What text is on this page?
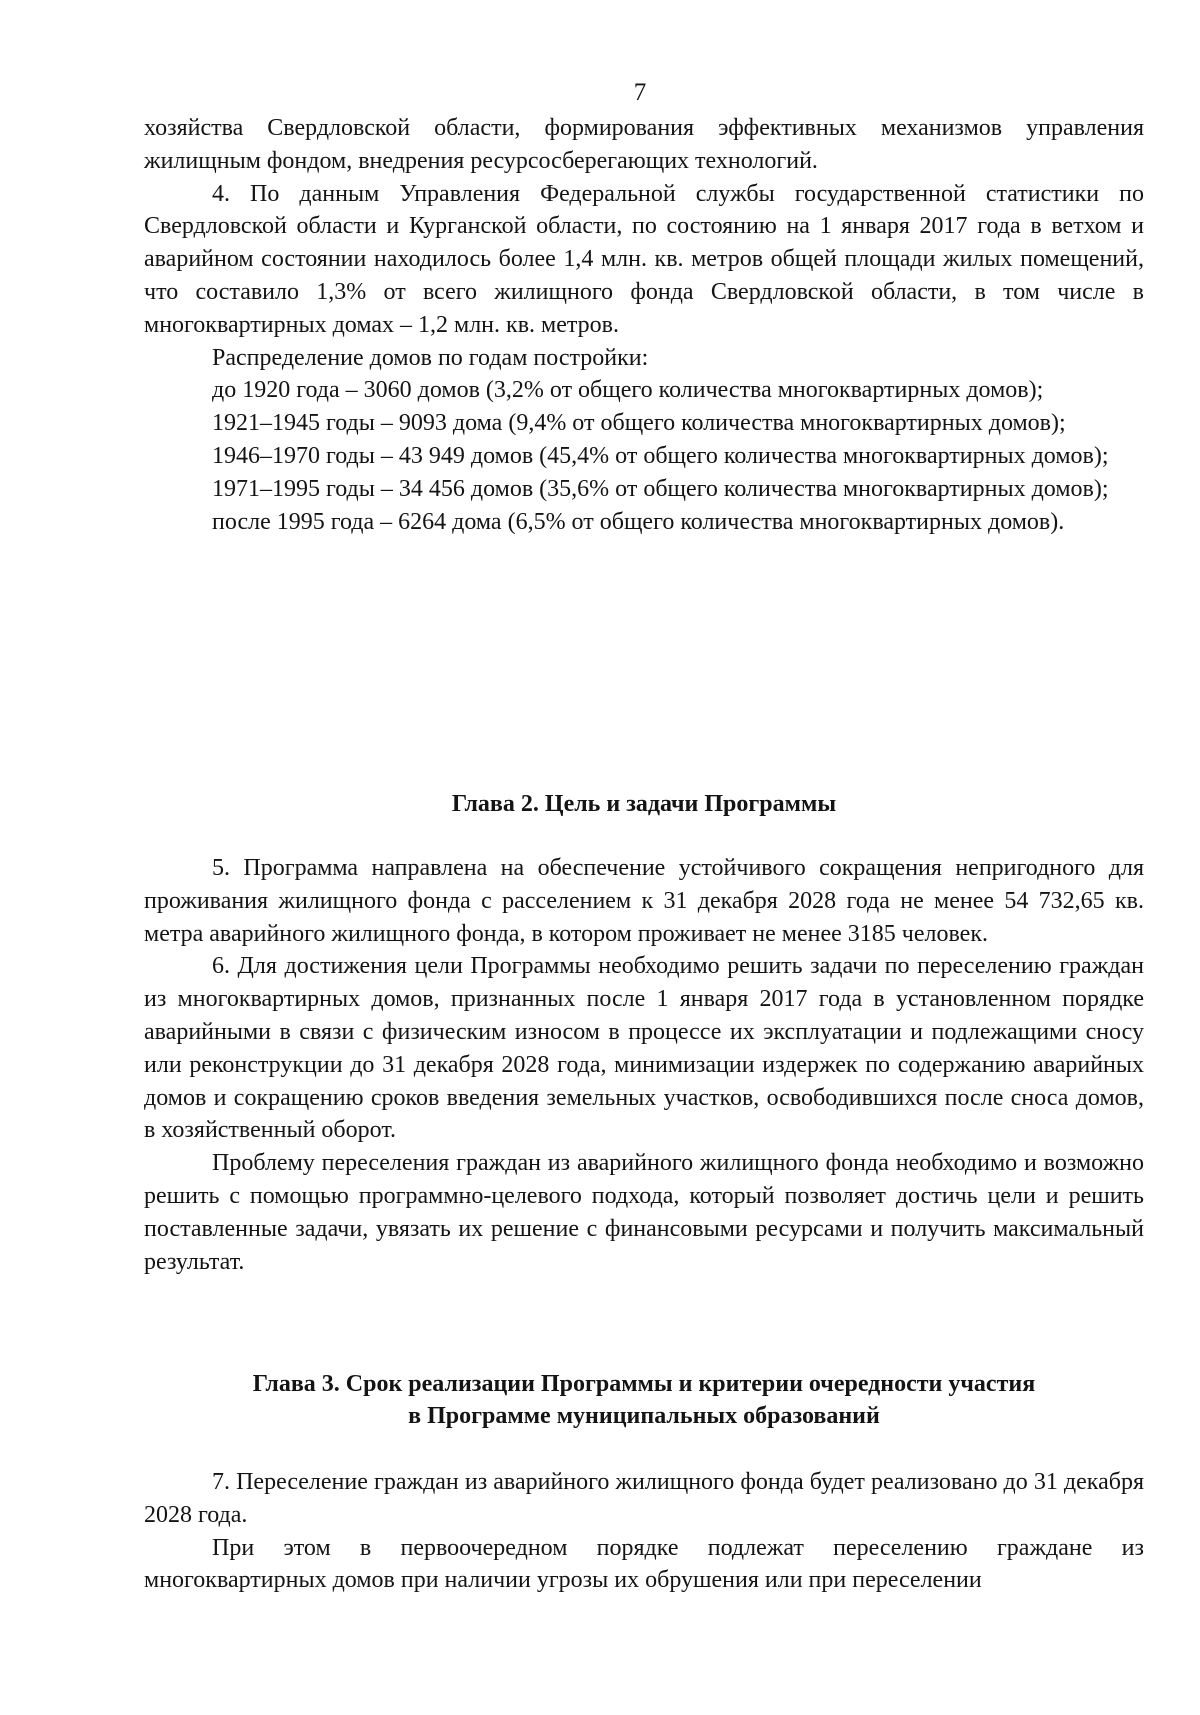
7

хозяйства Свердловской области, формирования эффективных механизмов управления жилищным фондом, внедрения ресурсосберегающих технологий.

4. По данным Управления Федеральной службы государственной статистики по Свердловской области и Курганской области, по состоянию на 1 января 2017 года в ветхом и аварийном состоянии находилось более 1,4 млн. кв. метров общей площади жилых помещений, что составило 1,3% от всего жилищного фонда Свердловской области, в том числе в многоквартирных домах – 1,2 млн. кв. метров.

Распределение домов по годам постройки:

до 1920 года – 3060 домов (3,2% от общего количества многоквартирных домов);

1921–1945 годы – 9093 дома (9,4% от общего количества многоквартирных домов);

1946–1970 годы – 43 949 домов (45,4% от общего количества многоквартирных домов);

1971–1995 годы – 34 456 домов (35,6% от общего количества многоквартирных домов);

после 1995 года – 6264 дома (6,5% от общего количества многоквартирных домов).

Глава 2. Цель и задачи Программы

5. Программа направлена на обеспечение устойчивого сокращения непригодного для проживания жилищного фонда с расселением к 31 декабря 2028 года не менее 54 732,65 кв. метра аварийного жилищного фонда, в котором проживает не менее 3185 человек.

6. Для достижения цели Программы необходимо решить задачи по переселению граждан из многоквартирных домов, признанных после 1 января 2017 года в установленном порядке аварийными в связи с физическим износом в процессе их эксплуатации и подлежащими сносу или реконструкции до 31 декабря 2028 года, минимизации издержек по содержанию аварийных домов и сокращению сроков введения земельных участков, освободившихся после сноса домов, в хозяйственный оборот.

Проблему переселения граждан из аварийного жилищного фонда необходимо и возможно решить с помощью программно-целевого подхода, который позволяет достичь цели и решить поставленные задачи, увязать их решение с финансовыми ресурсами и получить максимальный результат.

Глава 3. Срок реализации Программы и критерии очередности участия
в Программе муниципальных образований

7. Переселение граждан из аварийного жилищного фонда будет реализовано до 31 декабря 2028 года.

При этом в первоочередном порядке подлежат переселению граждане из многоквартирных домов при наличии угрозы их обрушения или при переселении
